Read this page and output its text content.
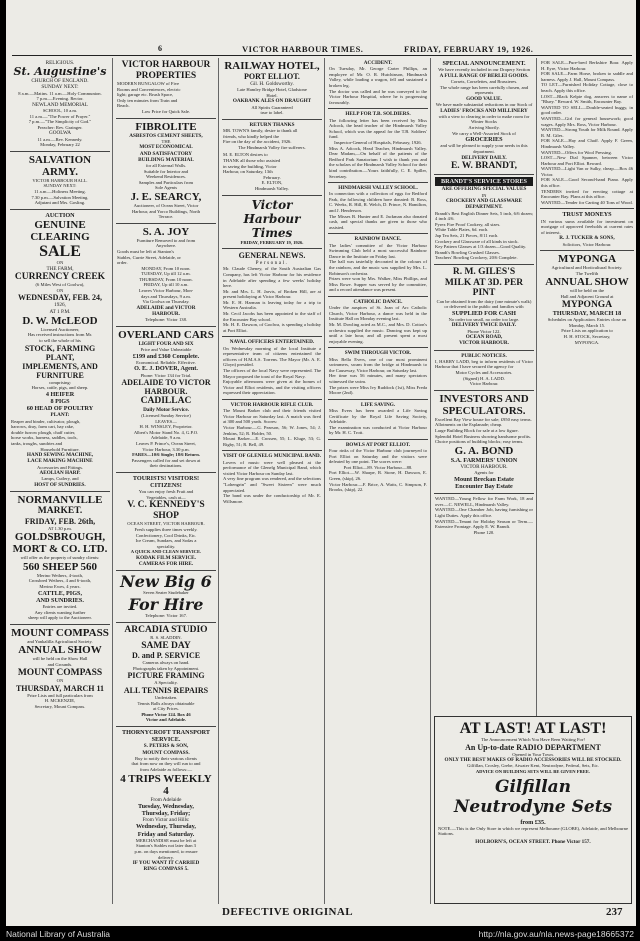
6	VICTOR HARBOUR TIMES.	FRIDAY, FEBRUARY 19, 1926.

RELIGIOUS.

St. Augustine's

CHURCH OF ENGLAND.

SUNDAY NEXT:

8 a.m.—Matins. 11 a.m.—Holy Communion.

7 p.m.—Evening. Rector.

NEWLAND MEMORIAL

SCHOOL, 10 a.m.

11 a.m.—"The Power of Prayer."

7 p.m.—"The Simplicity of God."

Preacher: Rev. Grainger.

GOOLWA

11 a.m.—Rev. Kennedy.

Monday, February 22

SALVATION ARMY.

VICTOR HARBOUR HALL.

SUNDAY NEXT:

11 a.m.—Holiness Meeting.

7.30 p.m.—Salvation Meeting.

Adjutant and Mrs. Gosling.

AUCTION

GENUINE CLEARING

SALE

ON

THE FARM,

CURRENCY CREEK

(6 Miles West of Goolwa),

ON

WEDNESDAY, FEB. 24,

1926,

AT 1 P.M.

D. W. McLEOD

Licensed Auctioneer,

Has received instructions from Mr.

to sell the whole of his

STOCK, FARMING PLANT,

IMPLEMENTS, AND

FURNITURE

comprising:

Horses, cattle, pigs, and sheep.

4 HEIFER

8 PIGS

60 HEAD OF POULTRY

PLANT:

Reaper and binder, cultivator, plough,

harrows, dray, farm cart, hay rake,

double furrow plough, chaff cutter,

horse works, harness, saddles, tools,

tanks, troughs, sundries and

Household Furniture.

HAND SEWING MACHINE,

LACE MAKING MACHINE

Accessories and Fittings.

AEOLIAN HARP.

Lamps, Cutlery, and

HOST OF SUNDRIES.

NORMANVILLE

MARKET.

FRIDAY, FEB. 26th,

AT 1.30 p.m.

GOLDSBROUGH,

MORT & CO. LTD.

will offer as the property of sundry clients:

560 SHEEP 560

Merino Wethers, 4-tooth,

Crossbred Wethers, 4 and 6-tooth,

Merino Ewes, 4 years.

CATTLE, PIGS,

AND SUNDRIES.

Entries are invited.

Any clients wanting further

sheep will apply to the Auctioneer.

MOUNT COMPASS

and Yankalilla Agricultural Society.

ANNUAL SHOW

will be held on the Show Hall

and Grounds.

MOUNT COMPASS

ON

THURSDAY, MARCH 11

Prize Lists and full particulars from

H. MCKENZIE,

Secretary, Mount Compass.

VICTOR HARBOUR

PROPERTIES

MODERN BUNGALOW of Five

Rooms and Conveniences, electric

light; garage etc. Brush Space,

Only ten minutes from Train and

Beach.

Low Price for Quick Sale.

FIBROLITE

ASBESTOS CEMENT SHEETS,

THE

MOST ECONOMICAL

AND SATISFACTORY

BUILDING MATERIAL

for all External Walls.

Suitable for Interior and

Weekend Residences.

Samples and Particulars from

Sole Agents

J. E. SEARCY,

Auctioneer, of Ocean Street, Victor

Harbour, and Yorco Buildings, North

Terrace.

S. A. JOY

Furniture Removed to and from

Anywhere.

Goods must be left at Stanton's

Stables, Currie Street, Adelaide, or

order.

MONDAY, From 10 noon.

TUESDAY, Up till 12 a.m.

THURSDAY, From 10 noon.

FRIDAY, Up till 10 a.m.

Leaves Victor Harbour, Mon-

days and Thursdays, 9 a.m.

Via Goolwa on Thursday.

ADELAIDE and VICTOR

HARBOUR.

Telephone: Victor 138.

OVERLAND CARS

LIGHT FOUR AND SIX

Price and Value Unbeatable

£199 and £360 Complete.

Economical. Reliable. Effective.

O. E. J. DOVER, Agent.

Phone: Victor 134 for Trial.

ADELAIDE TO VICTOR

HARBOUR.

CADILLAC

Daily Motor Service.

(Licensed Sunday Service)

LEAVES—

H. H. WINSLEY, Proprietor.

Albert's Motor Stand No. 4, G.P.O.

Adelaide, 9 a.m.

Leaves P. Prince's, Ocean Street,

Victor Harbour, 3.30 p.m.

FARES—10/6 Single; 18/6 Return.

Passengers called for and set down at

their destinations.

TOURISTS! VISITORS!

CITIZENS!

You can enjoy fresh Fruit and

Vegetables, cash at—

V. C. KENNEDY'S

SHOP

OCEAN STREET, VICTOR HARBOUR.

Fresh supplies three times weekly.

Confectionery, Cool Drinks, Etc.

Ice Cream, Sundaes, and Sodas a

speciality.

A QUICK AND CLEAN SERVICE.

KODAK FILM SERVICE.

CAMERAS FOR HIRE.

New Big 6

Seven Seater Studebaker

For Hire

Telephone: Victor 167.

ARCADIA STUDIO

R. S. SLADDIN.

SAME DAY

D. and P. SERVICE

Cameras always on hand.

Photographs taken by Appointment.

PICTURE FRAMING

A Speciality.

ALL TENNIS REPAIRS

Undertaken.

Tennis Balls always obtainable

at City Prices.

Phone Victor 124. Box 46

Victor and Adelaide.

THORNYCROFT TRANSPORT

SERVICE.

S. PETERS & SON,

MOUNT COMPASS.

Buy to notify their various clients

that from now on they will run to and

from Adelaide as follows:—

4 TRIPS WEEKLY 4

From Adelaide

Tuesday, Wednesday,

Thursday, Friday;

From Victor and Hills:

Wednesday, Thursday,

Friday and Saturday.

MERCHANDISE must be left at

Stanton's Stables not later than 3

p.m. on days mentioned, to ensure

delivery.

IF YOU WANT IT CARRIED

RING COMPASS 5.

RAILWAY HOTEL,

PORT ELLIOT.

Gil. H. Goldsworthy.

Late Hamley Bridge Hotel, Gladstone

Hotel.

OAKBANK ALES ON DRAUGHT

All Spirits Guaranteed

true to label.

RETURN THANKS

MR. TOWN'S family, desire to thank all

friends, who kindly helped the

Fire on the day of the accident, 1926.

The Hindmarsh Valley fire sufferers.

M. E. ELTON desires to

THANK all those who assisted

in saving the building, Victor

Harbour, on Saturday, 13th

February.

E. ELTON,

Hindmarsh Valley.

Victor Harbour Times

FRIDAY, FEBRUARY 19, 1926.

GENERAL NEWS.

Personal.

Mr. Claude Cheney, of the South Australian Gas Company, has left Victor Harbour for his residence in Adelaide after spending a few weeks' holiday here.

Mr. and Mrs. L. H. Jarvis, of Broken Hill, are at present holidaying at Victor Harbour.

Mr. E. H. Harman is leaving today for a trip to Western Australia.

Mr. Cecil Jacobs has been appointed to the staff of the Encounter Bay school.

Mr. H. E. Dawson, of Goolwa, is spending a holiday at Port Elliot.

NAVAL OFFICERS ENTERTAINED.

On Wednesday morning of the local Institute a representative team of citizens entertained the officers of H.M.A.S. Torrens. The Mayor (Mr. A. E. Gloyn) presided.

The officers of the local Navy were represented. The Mayor proposed the toast of the Royal Navy.

Enjoyable afternoons were given at the homes of Victor and Elliot residents, and the visiting officers expressed their appreciation.

VICTOR HARBOUR RIFLE CLUB.

The Mount Barker club and their friends visited Victor Harbour on Saturday last. A match was fired at 300 and 500 yards. Scores:

Victor Harbour.—G. Pearson, 56; W. Jones, 54; J. Jenkins, 52; R. Holder, 50.

Mount Barker.—E. Crossen, 55; L. Kluge, 53; G. Rigby, 51; R. Bell, 49.

VISIT OF GLENELG MUNICIPAL BAND.

Lovers of music were well pleased at the performance of the Glenelg Municipal Band, which visited Victor Harbour on Sunday last.

A very fine program was rendered, and the selections "Lohengrin" and "Sweet Sixteen" were much appreciated.

The band was under the conductorship of Mr. E. Willsmore.

ACCIDENT.

On Tuesday, Mr. George Carter Phillips, an employee of Mr. O. R. Hutchinson, Hindmarsh Valley, while loading a wagon, fell and sustained a broken leg.

The doctor was called and he was conveyed to the Victor Harbour Hospital, where he is progressing favourably.

HELP FOR T.B. SOLDIERS.

The following letter has been received by Miss Adcock, the head teacher of the Hindmarsh Valley School, which was the appeal for the T.B. Soldiers' fund.

Inspector-General of Hospitals, February, 1926.

Miss A. Adcock, Head Teacher, Hindmarsh Valley. Dear Madam,—On behalf of the patients of the Bedford Park Sanatorium I wish to thank you and the scholars of the Hindmarsh Valley School for their kind contribution.—Yours faithfully, C. E. Spiller, Secretary.

HINDMARSH VALLEY SCHOOL.

In connection with a collection of eggs for Bedford Park, the following children have donated: B. Ross, C. Weeks, R. Hill, R. Welch, D. Prince, N. Hamilton, and J. Henderson.

The Misses B. Hunter and E. Jackman also donated cash, and special thanks are given to those who assisted.

RAINBOW DANCE.

The ladies' committee of the Victor Harbour Swimming Club held a most successful Rainbow Dance in the Institute on Friday last.

The hall was tastefully decorated in the colours of the rainbow, and the music was supplied by Mrs. L. Robinson's orchestra.

Prizes were won by Mrs. Walker, Miss Phillips, and Miss Rowe. Supper was served by the committee, and a record attendance was present.

CATHOLIC DANCE.

Under the auspices of St. Joan of Arc Catholic Church, Victor Harbour, a dance was held in the Institute Hall on Monday evening last.

Mr. M. Dowling acted as M.C., and Mrs. D. Cotton's orchestra supplied the music. Dancing was kept up until a late hour, and all present spent a most enjoyable evening.

SWIM THROUGH VICTOR.

Miss Bella Evers, one of our most prominent swimmers, swam from the bridge at Hindmarsh to the Causeway, Victor Harbour, on Saturday last.

Her time was 56 minutes, and many spectators witnessed the swim.

The prizes were Miss Ivy Ruddock (1st), Miss Freda Moore (2nd).

LIFE SAVING.

Miss Evers has been awarded a Life Saving Certificate by the Royal Life Saving Society, Adelaide.

The examination was conducted at Victor Harbour by Mr. H. C. Trott.

BOWLS AT PORT ELLIOT.

Four rinks of the Victor Harbour club journeyed to Port Elliot on Saturday and the visitors were defeated by one point. The scores were:

Port Elliot—89. Victor Harbour—88.

Port Elliot.—W. Sharpe, R. Stone, H. Dawson, E. Green, (skip), 26.

Victor Harbour.—F. Brice, A. Watts, C. Simpson, F. Brooks, (skip), 22.

SPECIAL ANNOUNCEMENT.

We have recently included in our Drapery Section

A FULL RANGE OF BERLEI GOODS.

Corsets, Corselettes, and Brassieres.

The whole range has been carefully chosen, and represents

GOOD VALUE.

We have made substantial reductions in our Stock of

LADIES' FROCKS AND MILLINERY

with a view to clearing in order to make room for Winter Stocks

Arriving Shortly.

We carry a Well-Assorted Stock of

GROCERIES

and will be pleased to supply your needs in this department.

DELIVERY DAILY.

E. W. BRANDT,

BRANDT'S SERVICE STORES

ARE OFFERING SPECIAL VALUES

IN

CROCKERY AND GLASSWARE DEPARTMENT.

Brandt's Best English Dinner Sets, 5 inch, 6/6 dozen; 4 inch 4/6.

Pyrex Fire Proof Cookery, all sizes.

White Table Plates, 6d. each.

Jap Tea Sets, 21 Pieces, 8/11 each.

Crockery and Glassware of all kinds in stock.

Key Pattern Glasses at 1/3 dozen—Good Quality.

Brandt's Bowling Crushed Glasses.

Teachers' Bowling Crockery, 20/6 Complete.

R. M. GILES'S

MILK AT 3D. PER PINT

Can be obtained from the dairy (one minute's walk) or delivered to the public and families with

SUPPLIED FOR CASH

No order too small, no order too large.

DELIVERY TWICE DAILY.

Phone Victor 122.

OCEAN ROAD,

VICTOR HARBOUR.

PUBLIC NOTICES.

I, HARRY LADD, beg to inform residents of Victor Harbour that I have secured the agency for

Motor Cycles and Accessories.

(Signed) H. A. LADD.

Victor Harbour.

INVESTORS AND

SPECULATORS.

Excellent Bay View house for sale; £950 easy terms.

Allotments on the Esplanade; cheap.

Large Building Block for sale at a low figure.

Splendid Hotel Business showing handsome profits.

Choice positions of building blocks; easy terms.

G. A. BOND

S.A. FARMERS' UNION

VICTOR HARBOUR.

Agents for

Mount Breckan Estate

Encounter Bay Estate

WANTED—Young Fellow for Farm Work, 18 and over.—C. NEWELL, Hindmarsh Valley.

WANTED—One Chamber Job, having furnishing or Light Duties. Apply this office.

WANTED—Tenant for Holiday Season or Term.—Extensive Frontage. Apply E. W. Brandt.

Phone 120.

FOR SALE—Pure-bred Berkshire Boar. Apply H. Eyre, Victor Harbour.

FOR SALE—Farm Horse, broken to saddle and harness. Apply J. Hall, Mount Compass.

TO LET—Furnished Holiday Cottage, close to beach. Apply this office.

LOST—Black Kelpie dog, answers to name of "Bluey." Reward. W. Smith, Encounter Bay.

WANTED TO SELL—Double-seated buggy, in good order.

WANTED—Girl for general housework; good wages. Apply Mrs. Ross, Victor Harbour.

WANTED—Strong Youth for Milk Round. Apply R. M. Giles.

FOR SALE—Hay and Chaff. Apply F. Green, Hindmarsh Valley.

WANTED—Offers for Wool Pressing.

LOST—New Dial Spanner, between Victor Harbour and Port Elliot. Reward.

WANTED—Light Van or Sulky, cheap.—Box 46 Victor.

FOR SALE—Good Second-hand Piano. Apply this office.

TENDERS invited for erecting cottage at Encounter Bay. Plans at this office.

WANTED—Tender for Carting 40 Tons of Wood.

TRUST MONEYS

IN various sums available for investment on mortgage of approved freeholds at current rates of interest.

R. J. TUCKER & SONS,

Solicitors, Victor Harbour.

MYPONGA

Agricultural and Horticultural Society.

The Twelfth

ANNUAL SHOW

will be held on the

Hall and Adjacent Ground at

MYPONGA

THURSDAY, MARCH 18

Schedules on Application. Entries close on Monday, March 15.

Prize Lists on application to

H. H. STOCK, Secretary,

MYPONGA.

AT LAST! AT LAST!

The Announcement Which You Have Been Waiting For!

An Up-to-date RADIO DEPARTMENT

Opened in Your Town.

ONLY THE BEST MAKES OF RADIO ACCESSORIES WILL BE STOCKED.

Gilfillan, Crosley, Grebe, Atwater Kent, Neutrodyne, Federal, Sets, Etc.

ADVICE ON BUILDING SETS WILL BE GIVEN FREE.

Gilfillan Neutrodyne Sets

from £35.

NOTE.—This is the Only Store in which we represent Melbourne (GLOBE), Adelaide, and Melbourne Stations.

HOLBORN'S, OCEAN STREET. Phone Victor 157.

DEFECTIVE ORIGINAL	237
National Library of Australia	http://nla.gov.au/nla.news-page18665372
